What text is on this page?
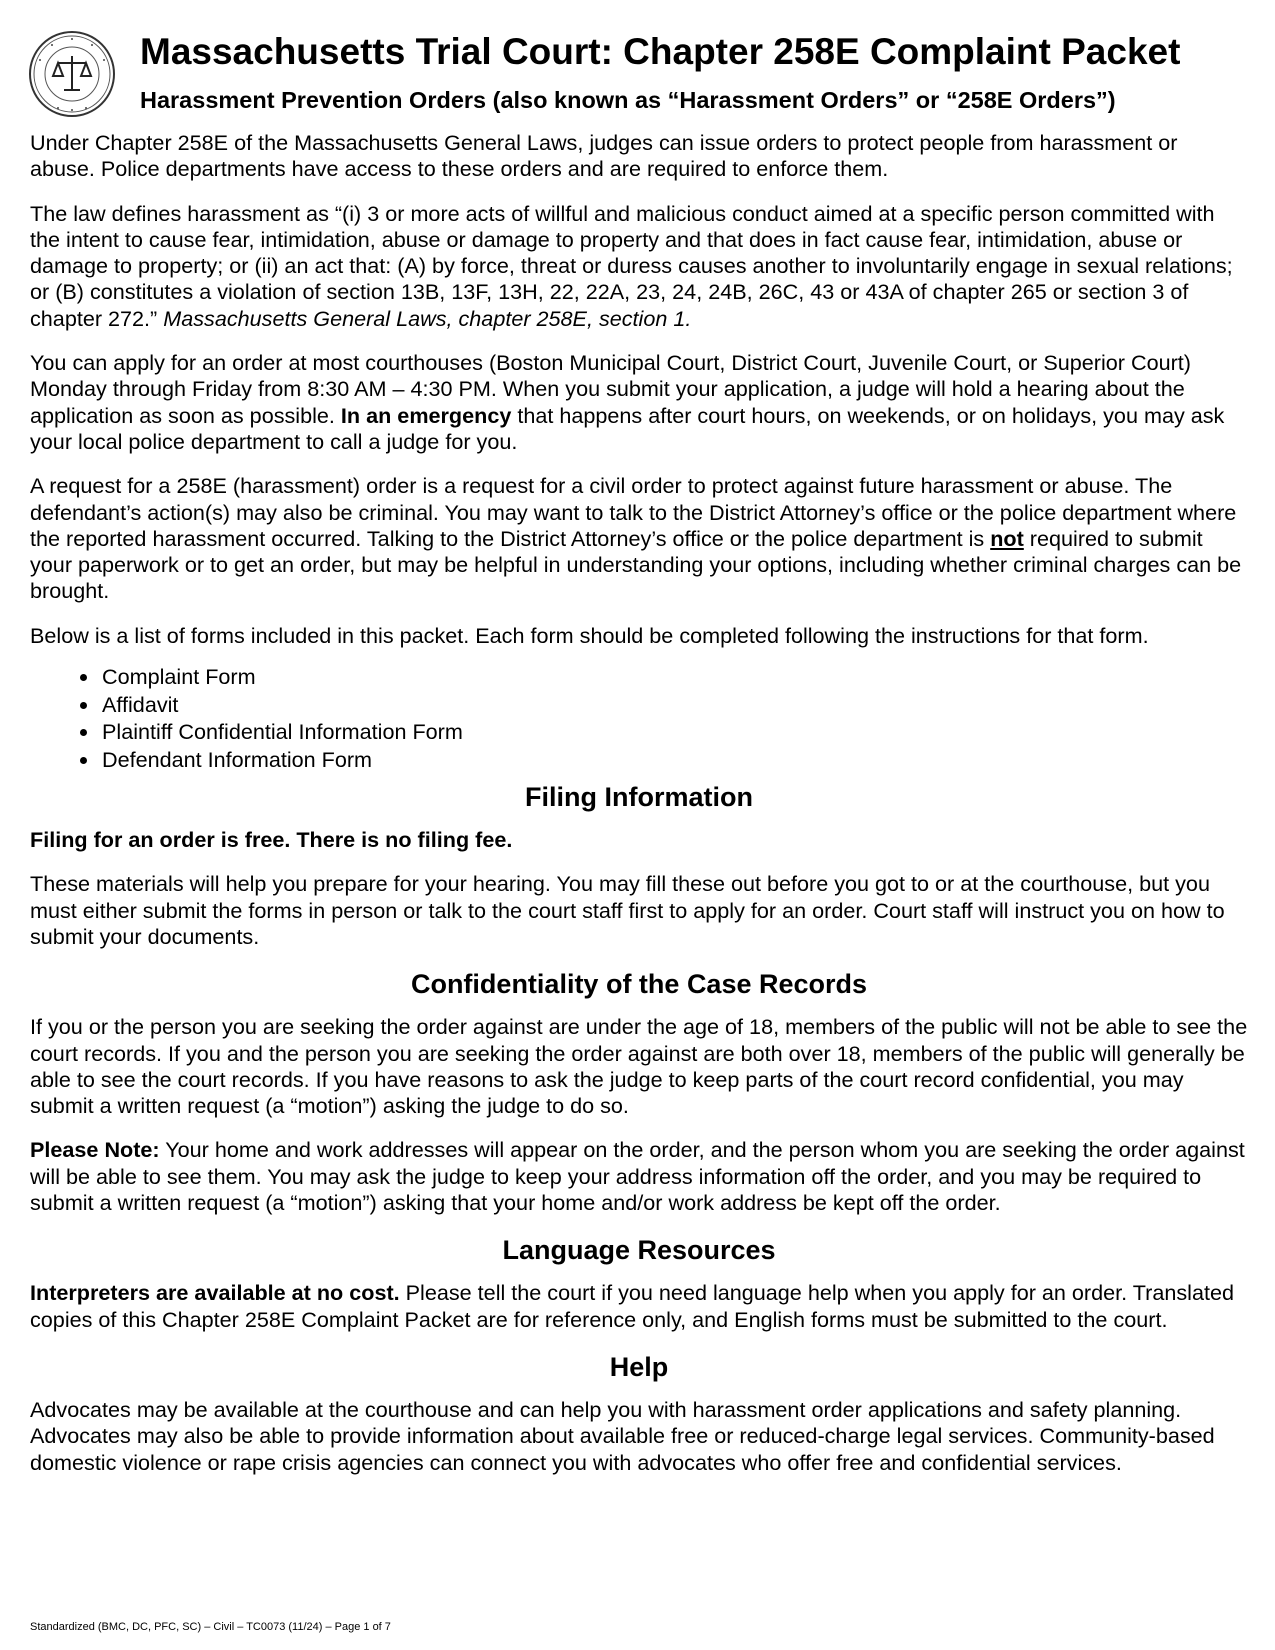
Massachusetts Trial Court: Chapter 258E Complaint Packet
Harassment Prevention Orders (also known as “Harassment Orders” or “258E Orders”)

Under Chapter 258E of the Massachusetts General Laws, judges can issue orders to protect people from harassment or abuse. Police departments have access to these orders and are required to enforce them.

The law defines harassment as “(i) 3 or more acts of willful and malicious conduct aimed at a specific person committed with the intent to cause fear, intimidation, abuse or damage to property and that does in fact cause fear, intimidation, abuse or damage to property; or (ii) an act that: (A) by force, threat or duress causes another to involuntarily engage in sexual relations; or (B) constitutes a violation of section 13B, 13F, 13H, 22, 22A, 23, 24, 24B, 26C, 43 or 43A of chapter 265 or section 3 of chapter 272.” Massachusetts General Laws, chapter 258E, section 1.

You can apply for an order at most courthouses (Boston Municipal Court, District Court, Juvenile Court, or Superior Court) Monday through Friday from 8:30 AM – 4:30 PM. When you submit your application, a judge will hold a hearing about the application as soon as possible. In an emergency that happens after court hours, on weekends, or on holidays, you may ask your local police department to call a judge for you.

A request for a 258E (harassment) order is a request for a civil order to protect against future harassment or abuse. The defendant’s action(s) may also be criminal. You may want to talk to the District Attorney’s office or the police department where the reported harassment occurred. Talking to the District Attorney’s office or the police department is not required to submit your paperwork or to get an order, but may be helpful in understanding your options, including whether criminal charges can be brought.

Below is a list of forms included in this packet. Each form should be completed following the instructions for that form.

• Complaint Form
• Affidavit
• Plaintiff Confidential Information Form
• Defendant Information Form
Filing Information

Filing for an order is free. There is no filing fee.

These materials will help you prepare for your hearing. You may fill these out before you got to or at the courthouse, but you must either submit the forms in person or talk to the court staff first to apply for an order. Court staff will instruct you on how to submit your documents.

Confidentiality of the Case Records

If you or the person you are seeking the order against are under the age of 18, members of the public will not be able to see the court records. If you and the person you are seeking the order against are both over 18, members of the public will generally be able to see the court records. If you have reasons to ask the judge to keep parts of the court record confidential, you may submit a written request (a “motion”) asking the judge to do so.

Please Note: Your home and work addresses will appear on the order, and the person whom you are seeking the order against will be able to see them. You may ask the judge to keep your address information off the order, and you may be required to submit a written request (a “motion”) asking that your home and/or work address be kept off the order.

Language Resources

Interpreters are available at no cost. Please tell the court if you need language help when you apply for an order. Translated copies of this Chapter 258E Complaint Packet are for reference only, and English forms must be submitted to the court.

Help

Advocates may be available at the courthouse and can help you with harassment order applications and safety planning. Advocates may also be able to provide information about available free or reduced-charge legal services. Community-based domestic violence or rape crisis agencies can connect you with advocates who offer free and confidential services.

Standardized (BMC, DC, PFC, SC) – Civil – TC0073 (11/24) – Page 1 of 7
